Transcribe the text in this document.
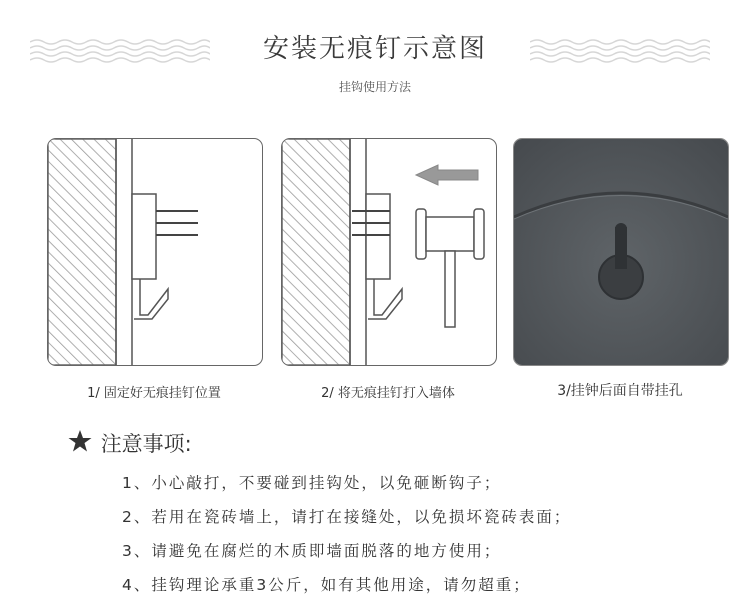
安装无痕钉示意图
挂钩使用方法
1/ 固定好无痕挂钉位置	2/ 将无痕挂钉打入墙体	3/挂钟后面自带挂孔
注意事项:
1、小心敲打，不要碰到挂钩处，以免砸断钩子；
2、若用在瓷砖墙上，请打在接缝处，以免损坏瓷砖表面；
3、请避免在腐烂的木质即墙面脱落的地方使用；
4、挂钩理论承重3公斤，如有其他用途，请勿超重；
